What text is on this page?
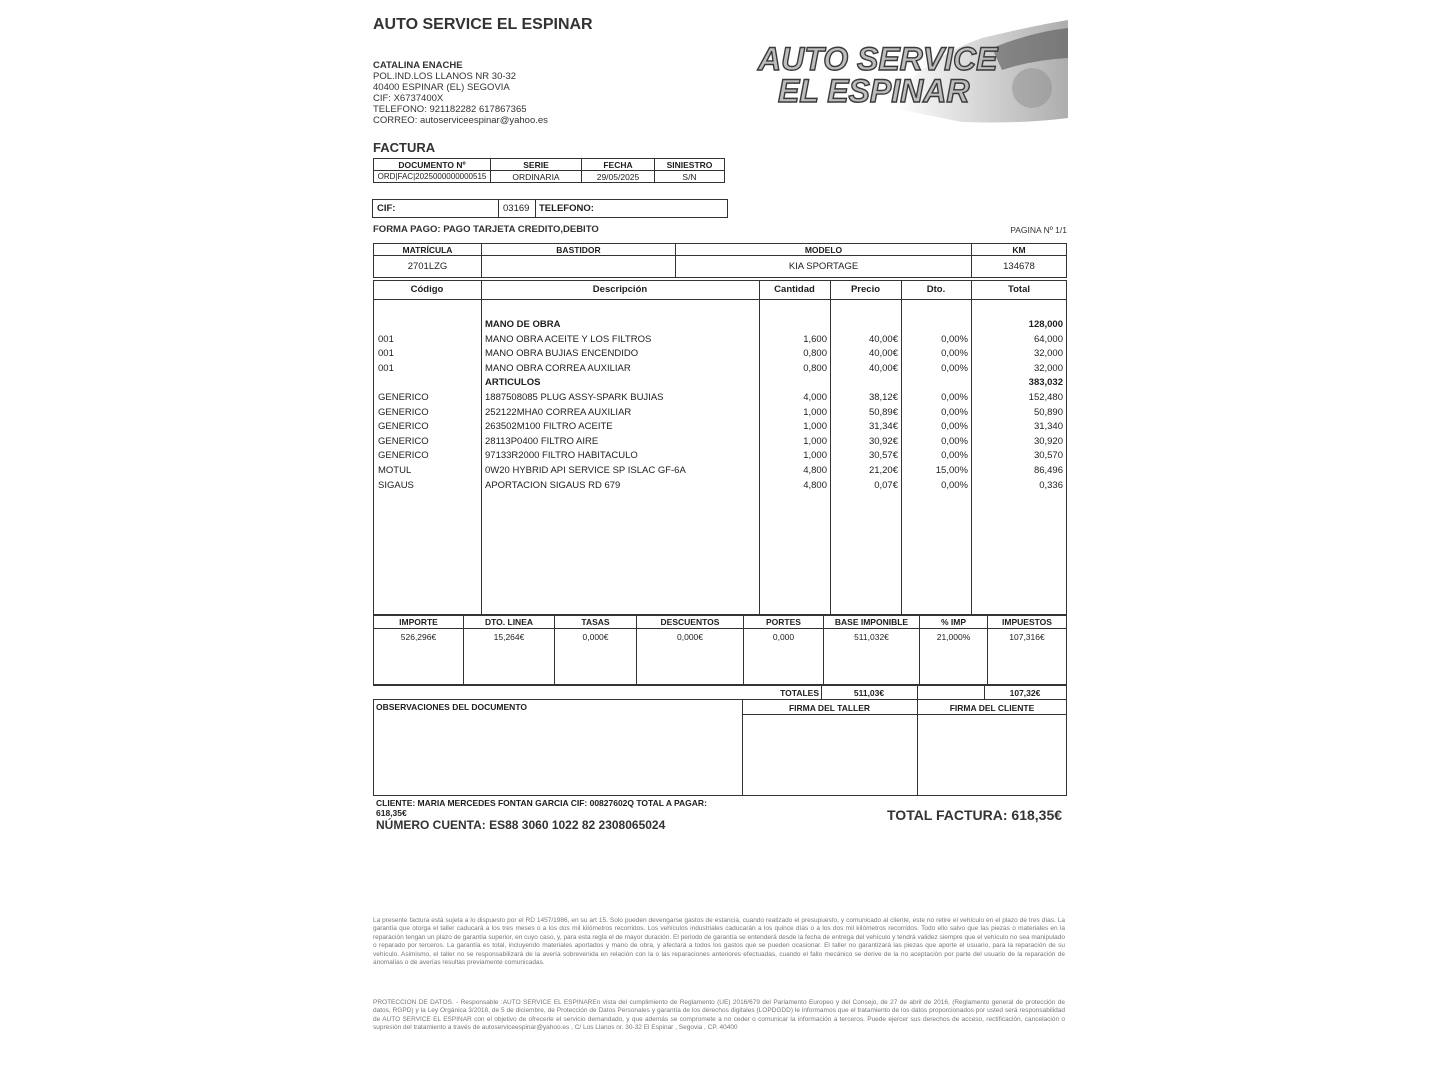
AUTO SERVICE EL ESPINAR
CATALINA ENACHE
POL.IND.LOS LLANOS NR 30-32
40400 ESPINAR (EL) SEGOVIA
CIF: X6737400X
TELEFONO: 921182282 617867365
CORREO: autoserviceespinar@yahoo.es
AUTO SERVICE
EL ESPINAR
FACTURA
DOCUMENTO Nº	SERIE	FECHA	SINIESTRO
ORD|FAC|2025000000000515	ORDINARIA	29/05/2025	S/N
CIF:	03169 TELEFONO:
FORMA PAGO: PAGO TARJETA CREDITO,DEBITO	PAGINA Nº 1/1
MATRÍCULA	BASTIDOR	MODELO	KM
2701LZG		KIA SPORTAGE	134678
Código	Descripción	Cantidad	Precio	Dto.	Total
MANO DE OBRA	128,000
001	MANO OBRA ACEITE Y LOS FILTROS	1,600	40,00€	0,00%	64,000
001	MANO OBRA BUJIAS ENCENDIDO	0,800	40,00€	0,00%	32,000
001	MANO OBRA CORREA AUXILIAR	0,800	40,00€	0,00%	32,000
ARTICULOS	383,032
GENERICO	1887508085 PLUG ASSY-SPARK BUJIAS	4,000	38,12€	0,00%	152,480
GENERICO	252122MHA0 CORREA AUXILIAR	1,000	50,89€	0,00%	50,890
GENERICO	263502M100 FILTRO ACEITE	1,000	31,34€	0,00%	31,340
GENERICO	28113P0400 FILTRO AIRE	1,000	30,92€	0,00%	30,920
GENERICO	97133R2000 FILTRO HABITACULO	1,000	30,57€	0,00%	30,570
MOTUL	0W20 HYBRID API SERVICE SP ISLAC GF-6A	4,800	21,20€	15,00%	86,496
SIGAUS	APORTACION SIGAUS RD 679	4,800	0,07€	0,00%	0,336
IMPORTE	DTO. LINEA	TASAS	DESCUENTOS	PORTES	BASE IMPONIBLE	% IMP	IMPUESTOS
526,296€	15,264€	0,000€	0,000€	0,000	511,032€	21,000%	107,316€
TOTALES	511,03€	107,32€
OBSERVACIONES DEL DOCUMENTO	FIRMA DEL TALLER	FIRMA DEL CLIENTE
CLIENTE: MARIA MERCEDES FONTAN GARCIA CIF: 00827602Q TOTAL A PAGAR:
618,35€
NÚMERO CUENTA: ES88 3060 1022 82 2308065024
TOTAL FACTURA: 618,35€
La presente factura está sujeta a lo dispuesto por el RD 1457/1986, en su art 15. Solo pueden devengarse gastos de estancia, cuando realizado el presupuesto, y comunicado al cliente, este no retire el vehículo en el plazo de tres días. La garantía que otorga el taller caducará a los tres meses o a los dos mil kilómetros recorridos. Los vehículos industriales caducarán a los quince días o a los dos mil kilómetros recorridos. Todo ello salvo que las piezas o materiales en la reparación tengan un plazo de garantía superior, en cuyo caso, y, para esta regla el de mayor duración. El periodo de garantía se entenderá desde la fecha de entrega del vehículo y tendrá validez siempre que el vehículo no sea manipulado o reparado por terceros. La garantía es total, incluyendo materiales aportados y mano de obra, y afectará a todos los gastos que se pueden ocasionar. El taller no garantizará las piezas que aporte el usuario, para la reparación de su vehículo. Asimismo, el taller no se responsabilizará de la avería sobrevenida en relación con la o las reparaciones anteriores efectuadas, cuando el fallo mecánico se derive de la no aceptación por parte del usuario de la reparación de anomalías o de averías resultas previamente comunicadas.
PROTECCION DE DATOS. - Responsable :AUTO SERVICE EL ESPINAREn vista del cumplimiento de Reglamento (UE) 2016/679 del Parlamento Europeo y del Consejo, de 27 de abril de 2016, (Reglamento general de protección de datos, RGPD) y la Ley Orgánica 3/2018, de 5 de diciembre, de Protección de Datos Personales y garantía de los derechos digitales (LOPDGDD) le informamos que el tratamiento de los datos proporcionados por usted será responsabilidad de AUTO SERVICE EL ESPINAR con el objetivo de ofrecerle el servicio demandado, y que además se compromete a no ceder o comunicar la información a terceros. Puede ejercer sus derechos de acceso, rectificación, cancelación o supresión del tratamiento a través de autoserviceespinar@yahoo.es , C/ Los Llanos nr. 30-32 El Espinar , Segovia , CP. 40400
